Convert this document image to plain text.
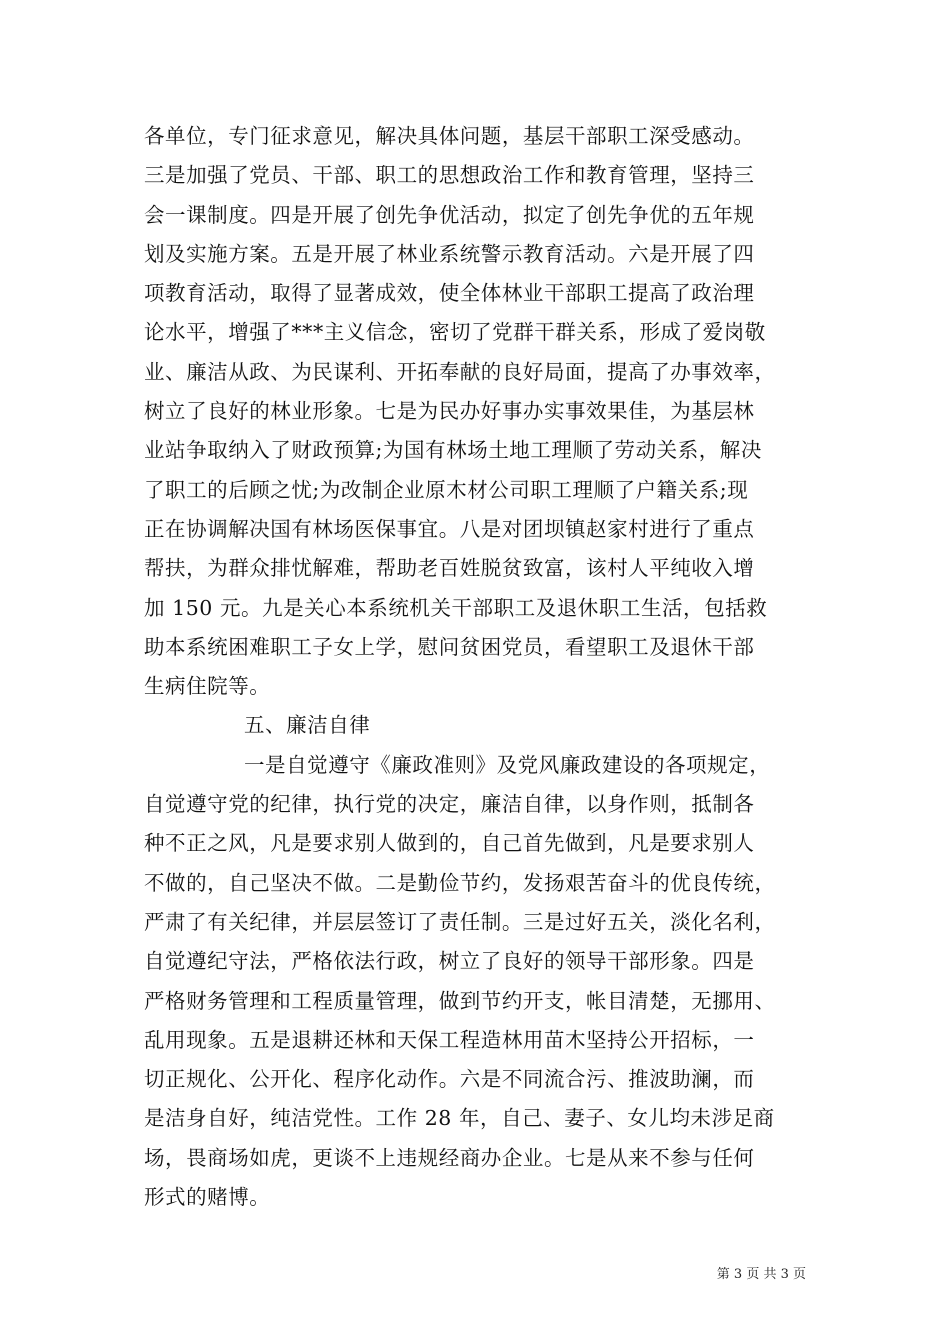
各单位，专门征求意见，解决具体问题，基层干部职工深受感动。
三是加强了党员、干部、职工的思想政治工作和教育管理，坚持三
会一课制度。四是开展了创先争优活动，拟定了创先争优的五年规
划及实施方案。五是开展了林业系统警示教育活动。六是开展了四
项教育活动，取得了显著成效，使全体林业干部职工提高了政治理
论水平，增强了***主义信念，密切了党群干群关系，形成了爱岗敬
业、廉洁从政、为民谋利、开拓奉献的良好局面，提高了办事效率，
树立了良好的林业形象。七是为民办好事办实事效果佳，为基层林
业站争取纳入了财政预算;为国有林场土地工理顺了劳动关系，解决
了职工的后顾之忧;为改制企业原木材公司职工理顺了户籍关系;现
正在协调解决国有林场医保事宜。八是对团坝镇赵家村进行了重点
帮扶，为群众排忧解难，帮助老百姓脱贫致富，该村人平纯收入增
加 150 元。九是关心本系统机关干部职工及退休职工生活，包括救
助本系统困难职工子女上学，慰问贫困党员，看望职工及退休干部
生病住院等。
五、廉洁自律
一是自觉遵守《廉政准则》及党风廉政建设的各项规定，
自觉遵守党的纪律，执行党的决定，廉洁自律，以身作则，抵制各
种不正之风，凡是要求别人做到的，自己首先做到，凡是要求别人
不做的，自己坚决不做。二是勤俭节约，发扬艰苦奋斗的优良传统，
严肃了有关纪律，并层层签订了责任制。三是过好五关，淡化名利，
自觉遵纪守法，严格依法行政，树立了良好的领导干部形象。四是
严格财务管理和工程质量管理，做到节约开支，帐目清楚，无挪用、
乱用现象。五是退耕还林和天保工程造林用苗木坚持公开招标，一
切正规化、公开化、程序化动作。六是不同流合污、推波助澜，而
是洁身自好，纯洁党性。工作 28 年，自己、妻子、女儿均未涉足商
场，畏商场如虎，更谈不上违规经商办企业。七是从来不参与任何
形式的赌博。
第 3 页 共 3 页
